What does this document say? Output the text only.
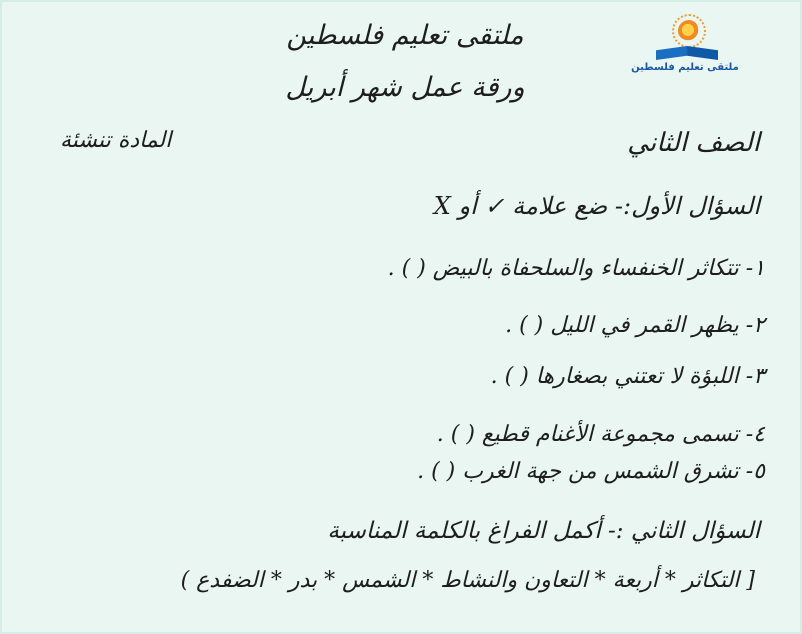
ملتقى تعليم فلسطين
ورقة عمل شهر أبريل
ملتقى تعليم فلسطين
الصف الثاني
المادة تنشئة
السؤال الأول:- ضع علامة ✓ أو X
١- تتكاثر الخنفساء والسلحفاة بالبيض ( ) .
٢- يظهر القمر في الليل ( ) .
٣- اللبؤة لا تعتني بصغارها ( ) .
٤- تسمى مجموعة الأغنام قطيع ( ) .
٥- تشرق الشمس من جهة الغرب ( ) .
السؤال الثاني :- أكمل الفراغ بالكلمة المناسبة
[ التكاثر * أربعة * التعاون والنشاط * الشمس * بدر * الضفدع )
